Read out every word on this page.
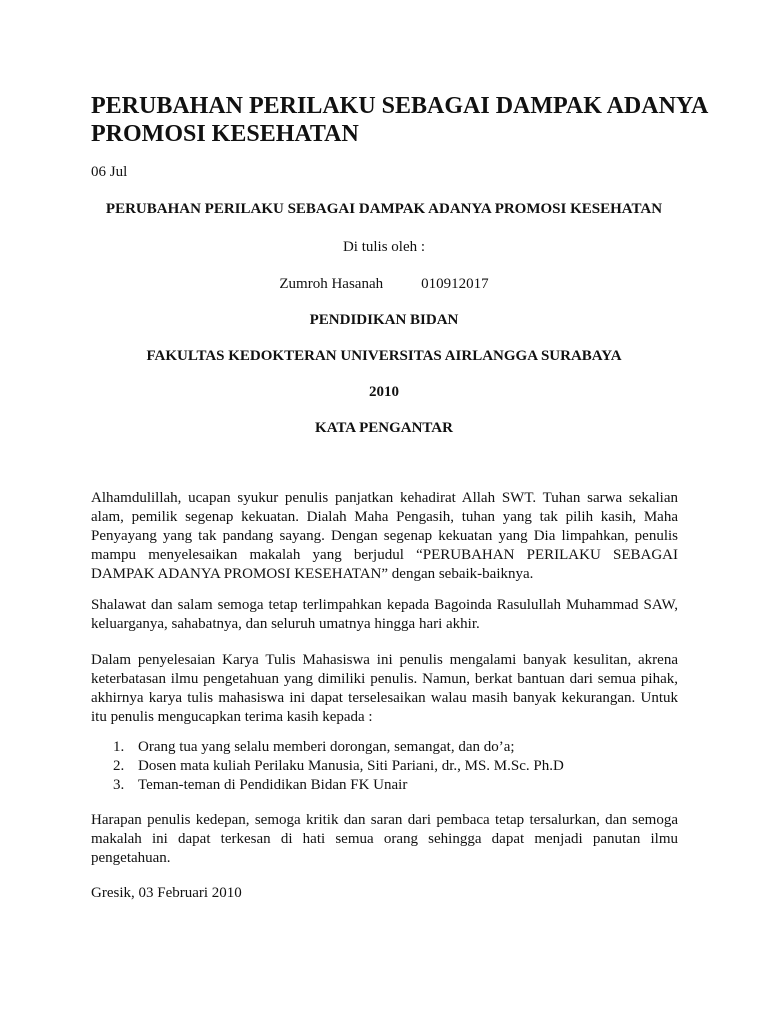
PERUBAHAN PERILAKU SEBAGAI DAMPAK ADANYA
PROMOSI KESEHATAN
06 Jul
PERUBAHAN PERILAKU SEBAGAI DAMPAK ADANYA PROMOSI KESEHATAN
Di tulis oleh :
Zumroh Hasanah	010912017
PENDIDIKAN BIDAN
FAKULTAS KEDOKTERAN UNIVERSITAS AIRLANGGA SURABAYA
2010
KATA PENGANTAR
Alhamdulillah, ucapan syukur penulis panjatkan kehadirat Allah SWT. Tuhan sarwa sekalian
alam, pemilik segenap kekuatan. Dialah Maha Pengasih, tuhan yang tak pilih kasih, Maha
Penyayang yang tak pandang sayang. Dengan segenap kekuatan yang Dia limpahkan, penulis
mampu menyelesaikan makalah yang berjudul “PERUBAHAN PERILAKU SEBAGAI
DAMPAK ADANYA PROMOSI KESEHATAN” dengan sebaik-baiknya.
Shalawat dan salam semoga tetap terlimpahkan kepada Bagoinda Rasulullah Muhammad SAW,
keluarganya, sahabatnya, dan seluruh umatnya hingga hari akhir.
Dalam penyelesaian Karya Tulis Mahasiswa ini penulis mengalami banyak kesulitan, akrena
keterbatasan ilmu pengetahuan yang dimiliki penulis. Namun, berkat bantuan dari semua pihak,
akhirnya karya tulis mahasiswa ini dapat terselesaikan walau masih banyak kekurangan. Untuk
itu penulis mengucapkan terima kasih kepada :
1. Orang tua yang selalu memberi dorongan, semangat, dan do’a;
2. Dosen mata kuliah Perilaku Manusia, Siti Pariani, dr., MS. M.Sc. Ph.D
3. Teman-teman di Pendidikan Bidan FK Unair
Harapan penulis kedepan, semoga kritik dan saran dari pembaca tetap tersalurkan, dan semoga
makalah ini dapat terkesan di hati semua orang sehingga dapat menjadi panutan ilmu
pengetahuan.
Gresik, 03 Februari 2010
